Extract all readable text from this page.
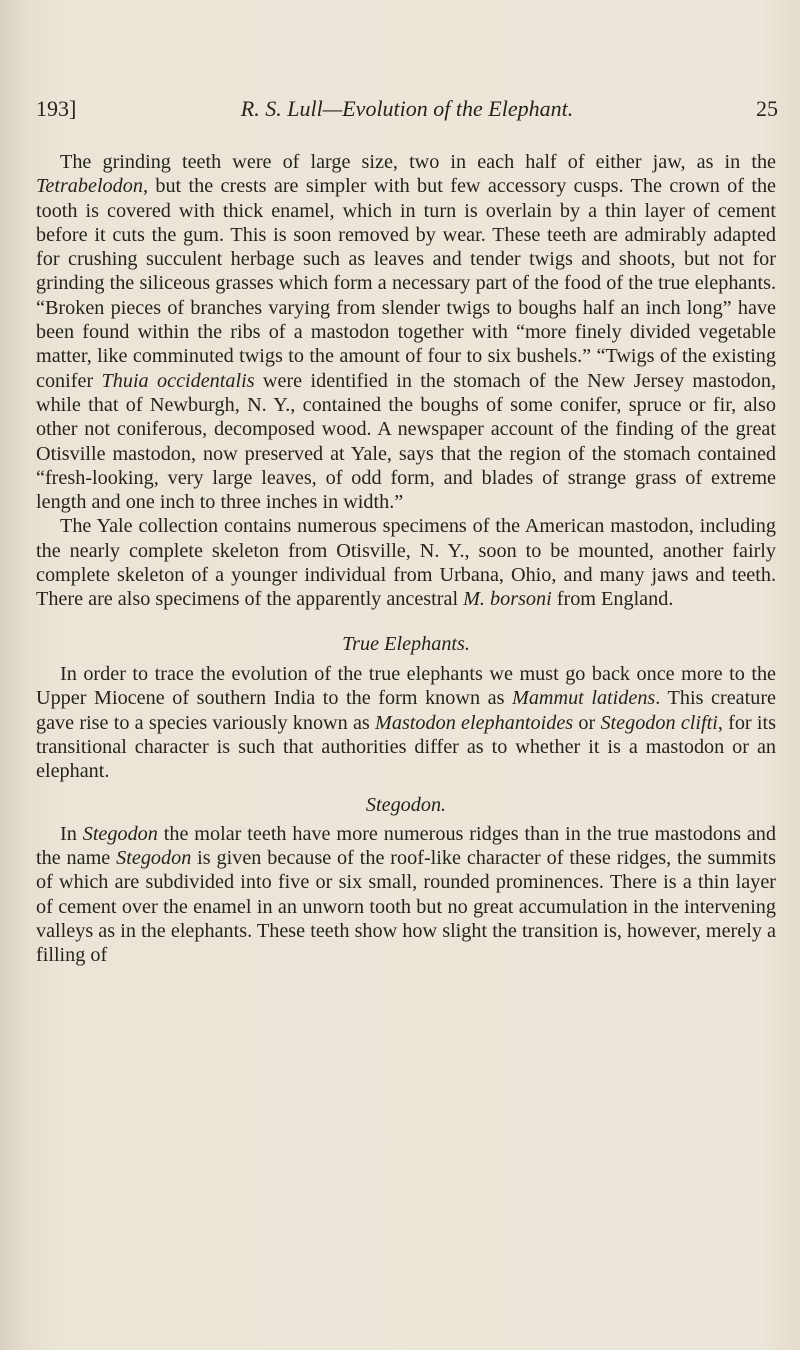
193]	R. S. Lull—Evolution of the Elephant.	25

The grinding teeth were of large size, two in each half of either jaw, as in the Tetrabelodon, but the crests are simpler with but few accessory cusps. The crown of the tooth is covered with thick enamel, which in turn is overlain by a thin layer of cement before it cuts the gum. This is soon removed by wear. These teeth are admirably adapted for crushing succulent herbage such as leaves and tender twigs and shoots, but not for grinding the siliceous grasses which form a necessary part of the food of the true elephants. “Broken pieces of branches varying from slender twigs to boughs half an inch long” have been found within the ribs of a mastodon together with “more finely divided vegetable matter, like comminuted twigs to the amount of four to six bushels.” “Twigs of the existing conifer Thuia occidentalis were identified in the stomach of the New Jersey mastodon, while that of Newburgh, N. Y., contained the boughs of some conifer, spruce or fir, also other not coniferous, decomposed wood. A newspaper account of the finding of the great Otisville mastodon, now preserved at Yale, says that the region of the stomach contained “fresh-looking, very large leaves, of odd form, and blades of strange grass of extreme length and one inch to three inches in width.”

The Yale collection contains numerous specimens of the American mastodon, including the nearly complete skeleton from Otisville, N. Y., soon to be mounted, another fairly complete skeleton of a younger individual from Urbana, Ohio, and many jaws and teeth. There are also specimens of the apparently ancestral M. borsoni from England.

True Elephants.

In order to trace the evolution of the true elephants we must go back once more to the Upper Miocene of southern India to the form known as Mammut latidens. This creature gave rise to a species variously known as Mastodon elephantoides or Stegodon clifti, for its transitional character is such that authorities differ as to whether it is a mastodon or an elephant.

Stegodon.

In Stegodon the molar teeth have more numerous ridges than in the true mastodons and the name Stegodon is given because of the roof-like character of these ridges, the summits of which are subdivided into five or six small, rounded prominences. There is a thin layer of cement over the enamel in an unworn tooth but no great accumulation in the intervening valleys as in the elephants. These teeth show how slight the transition is, however, merely a filling of
